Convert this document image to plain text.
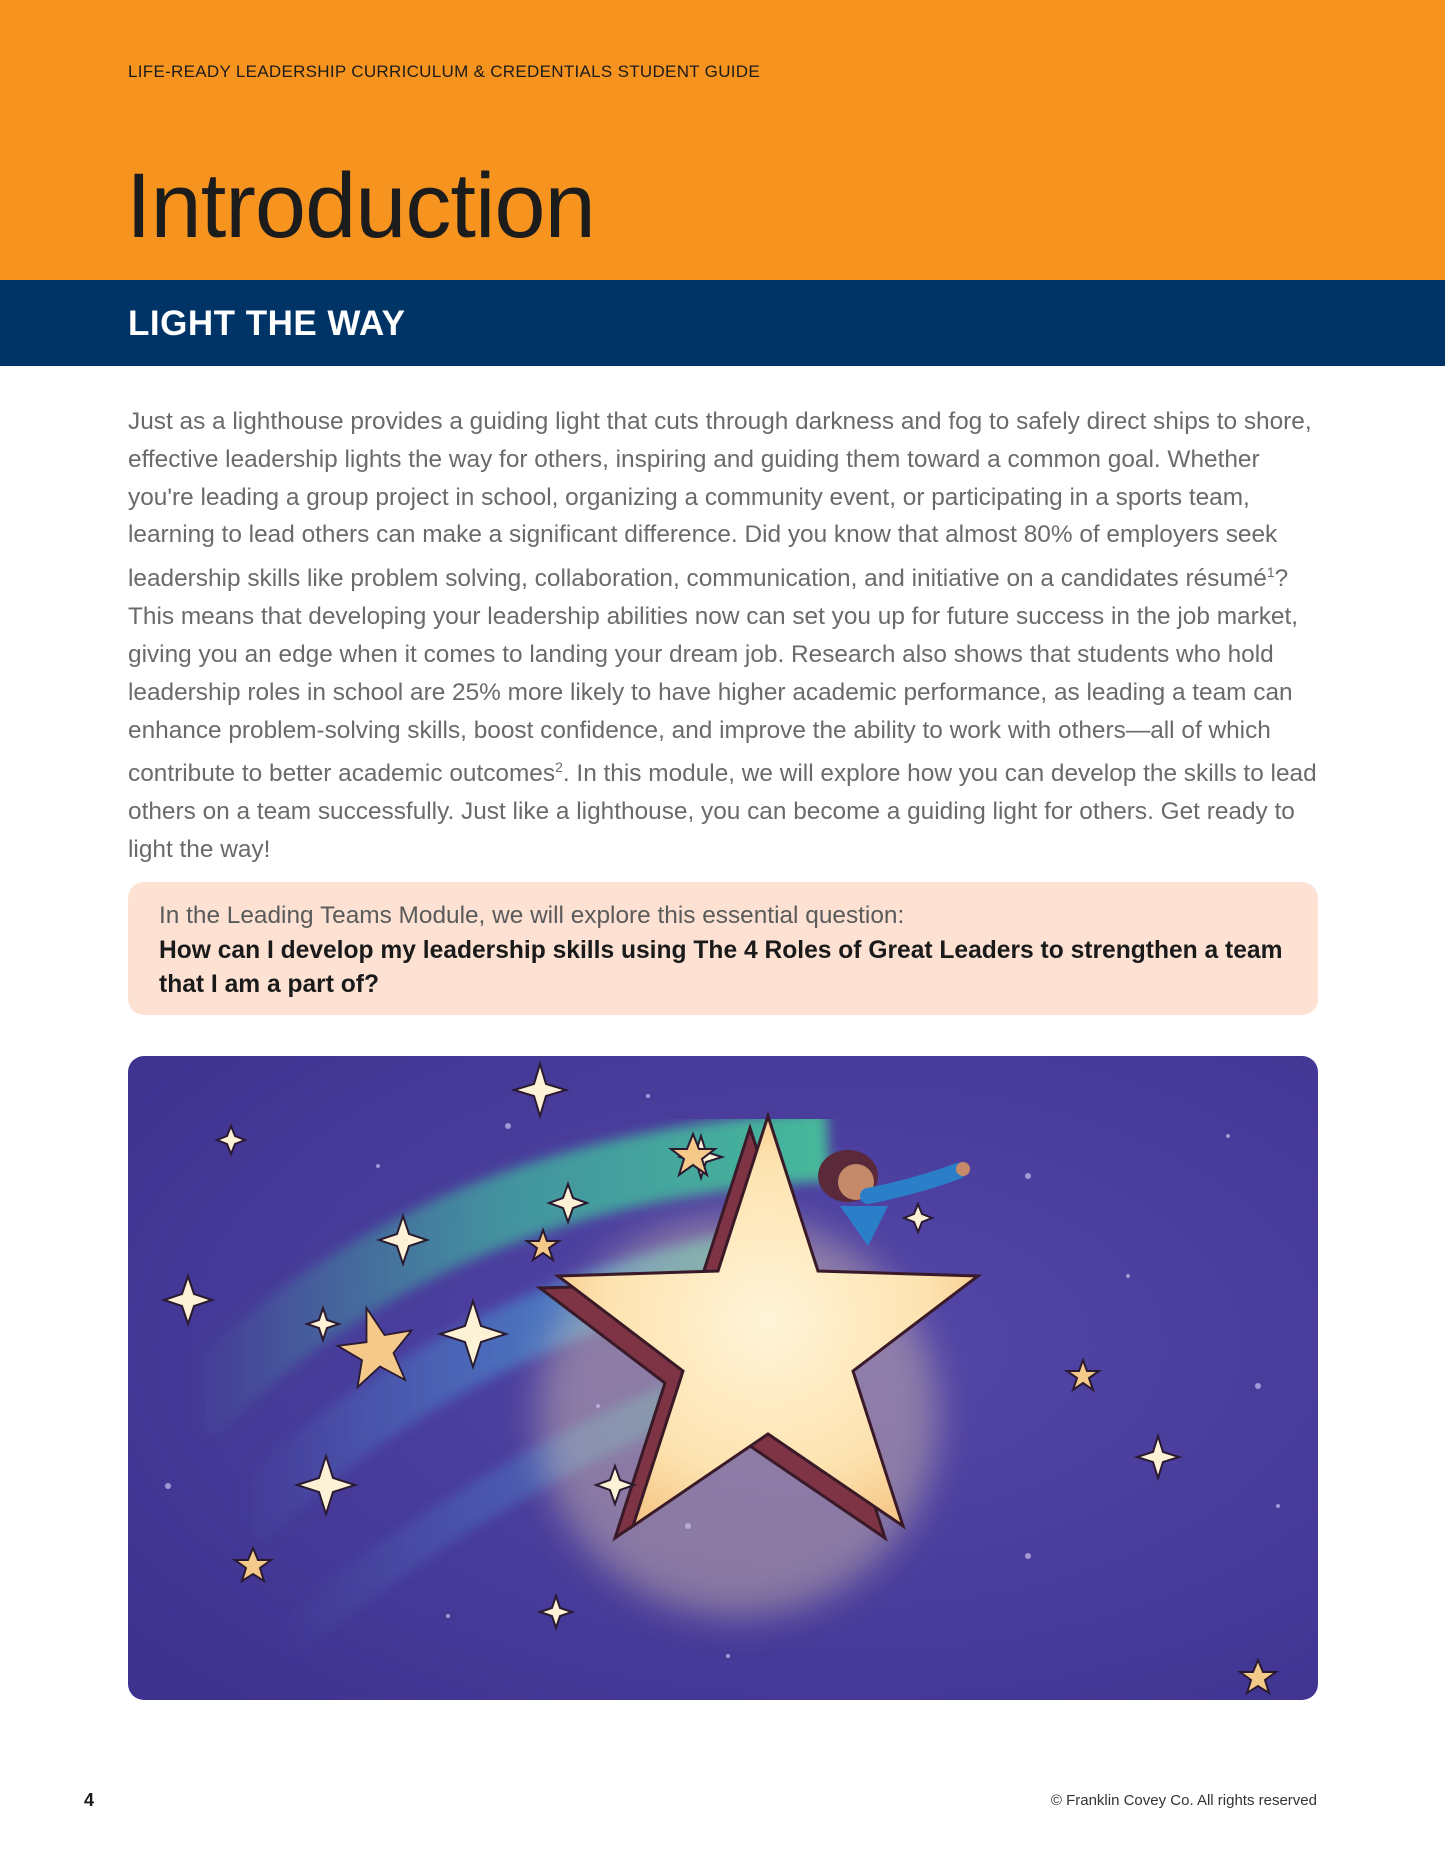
LIFE-READY LEADERSHIP CURRICULUM & CREDENTIALS STUDENT GUIDE
Introduction
LIGHT THE WAY

Just as a lighthouse provides a guiding light that cuts through darkness and fog to safely direct ships to shore, effective leadership lights the way for others, inspiring and guiding them toward a common goal. Whether you're leading a group project in school, organizing a community event, or participating in a sports team, learning to lead others can make a significant difference. Did you know that almost 80% of employers seek leadership skills like problem solving, collaboration, communication, and initiative on a candidates résumé$^1$? This means that developing your leadership abilities now can set you up for future success in the job market, giving you an edge when it comes to landing your dream job. Research also shows that students who hold leadership roles in school are 25% more likely to have higher academic performance, as leading a team can enhance problem-solving skills, boost confidence, and improve the ability to work with others—all of which contribute to better academic outcomes$^2$. In this module, we will explore how you can develop the skills to lead others on a team successfully. Just like a lighthouse, you can become a guiding light for others. Get ready to light the way!

In the Leading Teams Module, we will explore this essential question:

How can I develop my leadership skills using The 4 Roles of Great Leaders to strengthen a team that I am a part of?

4	© Franklin Covey Co. All rights reserved
